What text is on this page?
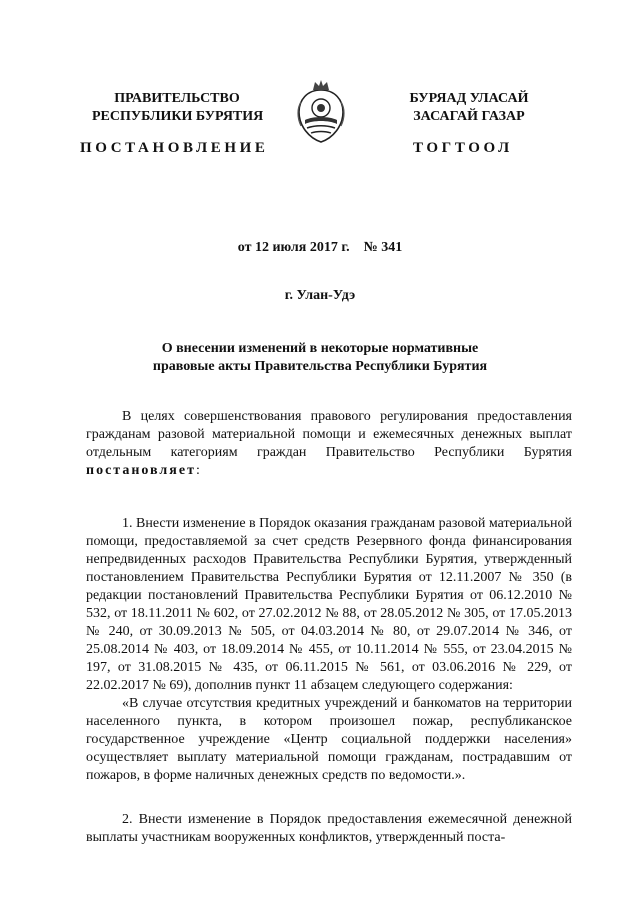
ПРАВИТЕЛЬСТВО
РЕСПУБЛИКИ БУРЯТИЯ
БУРЯАД УЛАСАЙ
ЗАСАГАЙ ГАЗАР
ПОСТАНОВЛЕНИЕ	ТОГТООЛ
от 12 июля 2017 г. № 341
г. Улан-Удэ
О внесении изменений в некоторые нормативные
правовые акты Правительства Республики Бурятия

В целях совершенствования правового регулирования предоставления гражданам разовой материальной помощи и ежемесячных денежных выплат отдельным категориям граждан Правительство Республики Бурятия постановляет:

1. Внести изменение в Порядок оказания гражданам разовой материальной помощи, предоставляемой за счет средств Резервного фонда финансирования непредвиденных расходов Правительства Республики Бурятия, утвержденный постановлением Правительства Республики Бурятия от 12.11.2007 № 350 (в редакции постановлений Правительства Республики Бурятия от 06.12.2010 № 532, от 18.11.2011 № 602, от 27.02.2012 № 88, от 28.05.2012 № 305, от 17.05.2013 № 240, от 30.09.2013 № 505, от 04.03.2014 № 80, от 29.07.2014 № 346, от 25.08.2014 № 403, от 18.09.2014 № 455, от 10.11.2014 № 555, от 23.04.2015 № 197, от 31.08.2015 № 435, от 06.11.2015 № 561, от 03.06.2016 № 229, от 22.02.2017 № 69), дополнив пункт 11 абзацем следующего содержания:

«В случае отсутствия кредитных учреждений и банкоматов на территории населенного пункта, в котором произошел пожар, республиканское государственное учреждение «Центр социальной поддержки населения» осуществляет выплату материальной помощи гражданам, пострадавшим от пожаров, в форме наличных денежных средств по ведомости.».

2. Внести изменение в Порядок предоставления ежемесячной денежной выплаты участникам вооруженных конфликтов, утвержденный поста-
